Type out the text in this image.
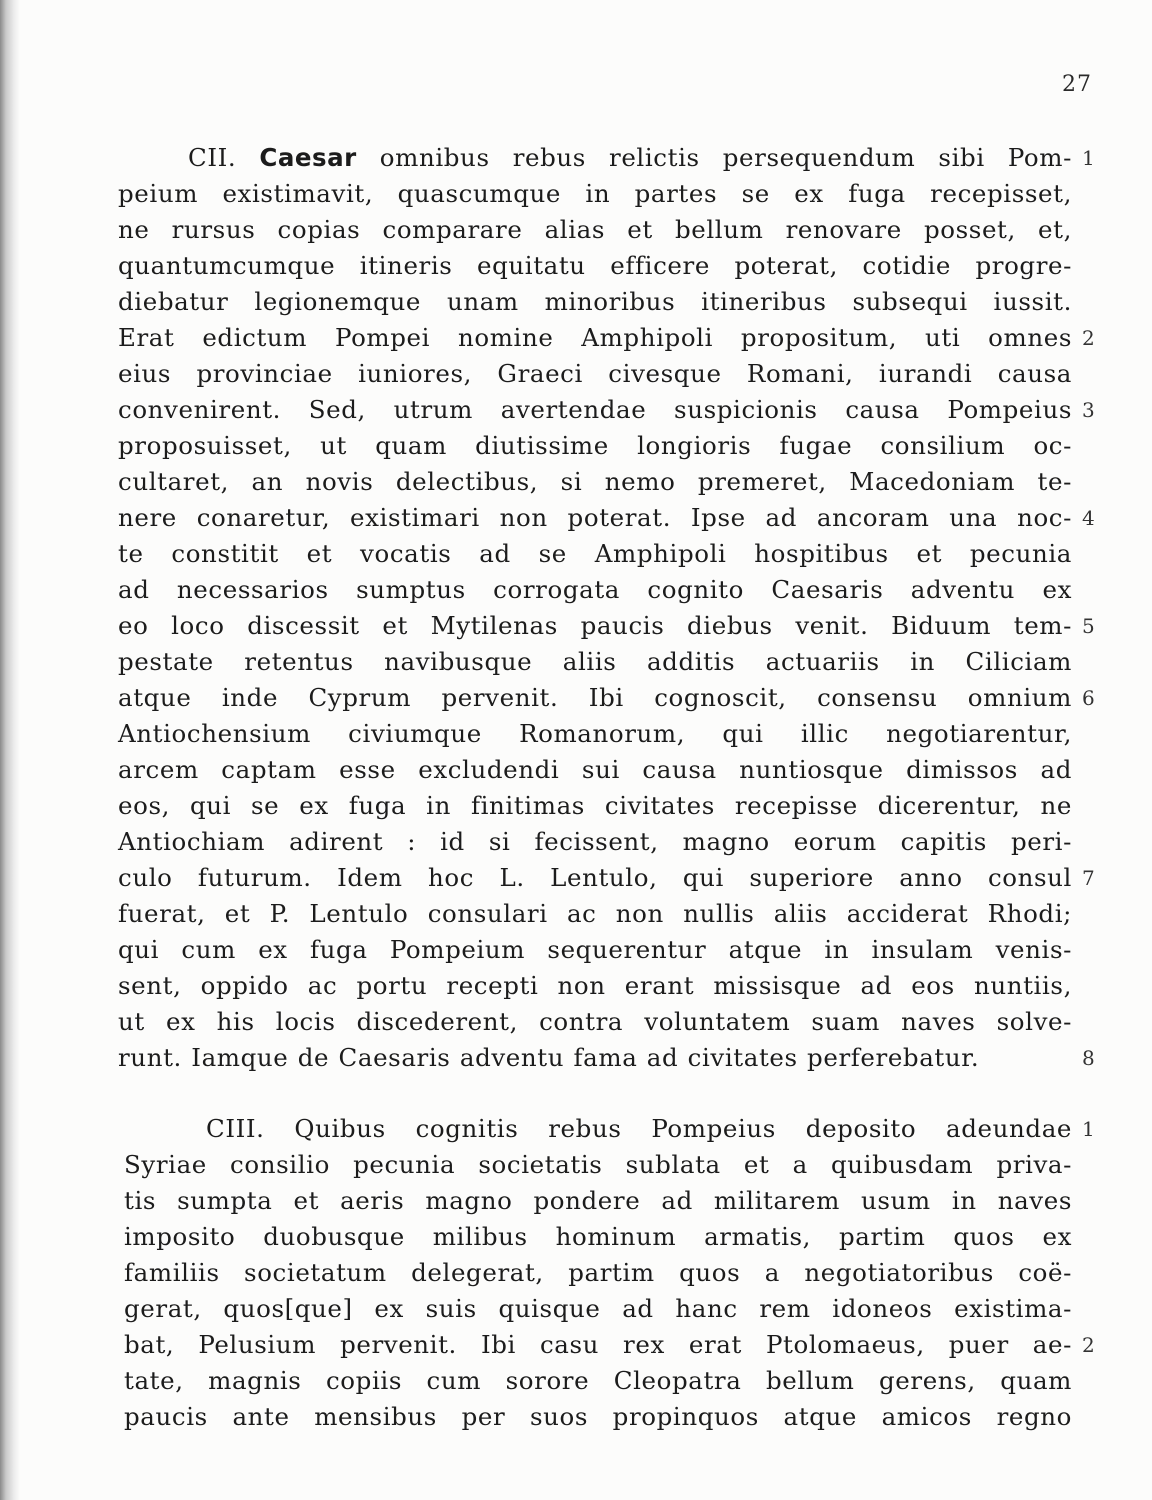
27
CII. Caesar omnibus rebus relictis persequendum sibi Pom-
peium existimavit, quascumque in partes se ex fuga recepisset,
ne rursus copias comparare alias et bellum renovare posset, et,
quantumcumque itineris equitatu efficere poterat, cotidie progre-
diebatur legionemque unam minoribus itineribus subsequi iussit.
Erat edictum Pompei nomine Amphipoli propositum, uti omnes
eius provinciae iuniores, Graeci civesque Romani, iurandi causa
convenirent. Sed, utrum avertendae suspicionis causa Pompeius
proposuisset, ut quam diutissime longioris fugae consilium oc-
cultaret, an novis delectibus, si nemo premeret, Macedoniam te-
nere conaretur, existimari non poterat. Ipse ad ancoram una noc-
te constitit et vocatis ad se Amphipoli hospitibus et pecunia
ad necessarios sumptus corrogata cognito Caesaris adventu ex
eo loco discessit et Mytilenas paucis diebus venit. Biduum tem-
pestate retentus navibusque aliis additis actuariis in Ciliciam
atque inde Cyprum pervenit. Ibi cognoscit, consensu omnium
Antiochensium civiumque Romanorum, qui illic negotiarentur,
arcem captam esse excludendi sui causa nuntiosque dimissos ad
eos, qui se ex fuga in finitimas civitates recepisse dicerentur, ne
Antiochiam adirent : id si fecissent, magno eorum capitis peri-
culo futurum. Idem hoc L. Lentulo, qui superiore anno consul
fuerat, et P. Lentulo consulari ac non nullis aliis acciderat Rhodi;
qui cum ex fuga Pompeium sequerentur atque in insulam venis-
sent, oppido ac portu recepti non erant missisque ad eos nuntiis,
ut ex his locis discederent, contra voluntatem suam naves solve-
runt. Iamque de Caesaris adventu fama ad civitates perferebatur.
1
2
3
4
5
6
7
8
CIII. Quibus cognitis rebus Pompeius deposito adeundae
Syriae consilio pecunia societatis sublata et a quibusdam priva-
tis sumpta et aeris magno pondere ad militarem usum in naves
imposito duobusque milibus hominum armatis, partim quos ex
familiis societatum delegerat, partim quos a negotiatoribus coë-
gerat, quos[que] ex suis quisque ad hanc rem idoneos existima-
bat, Pelusium pervenit. Ibi casu rex erat Ptolomaeus, puer ae-
tate, magnis copiis cum sorore Cleopatra bellum gerens, quam
paucis ante mensibus per suos propinquos atque amicos regno
1
2
